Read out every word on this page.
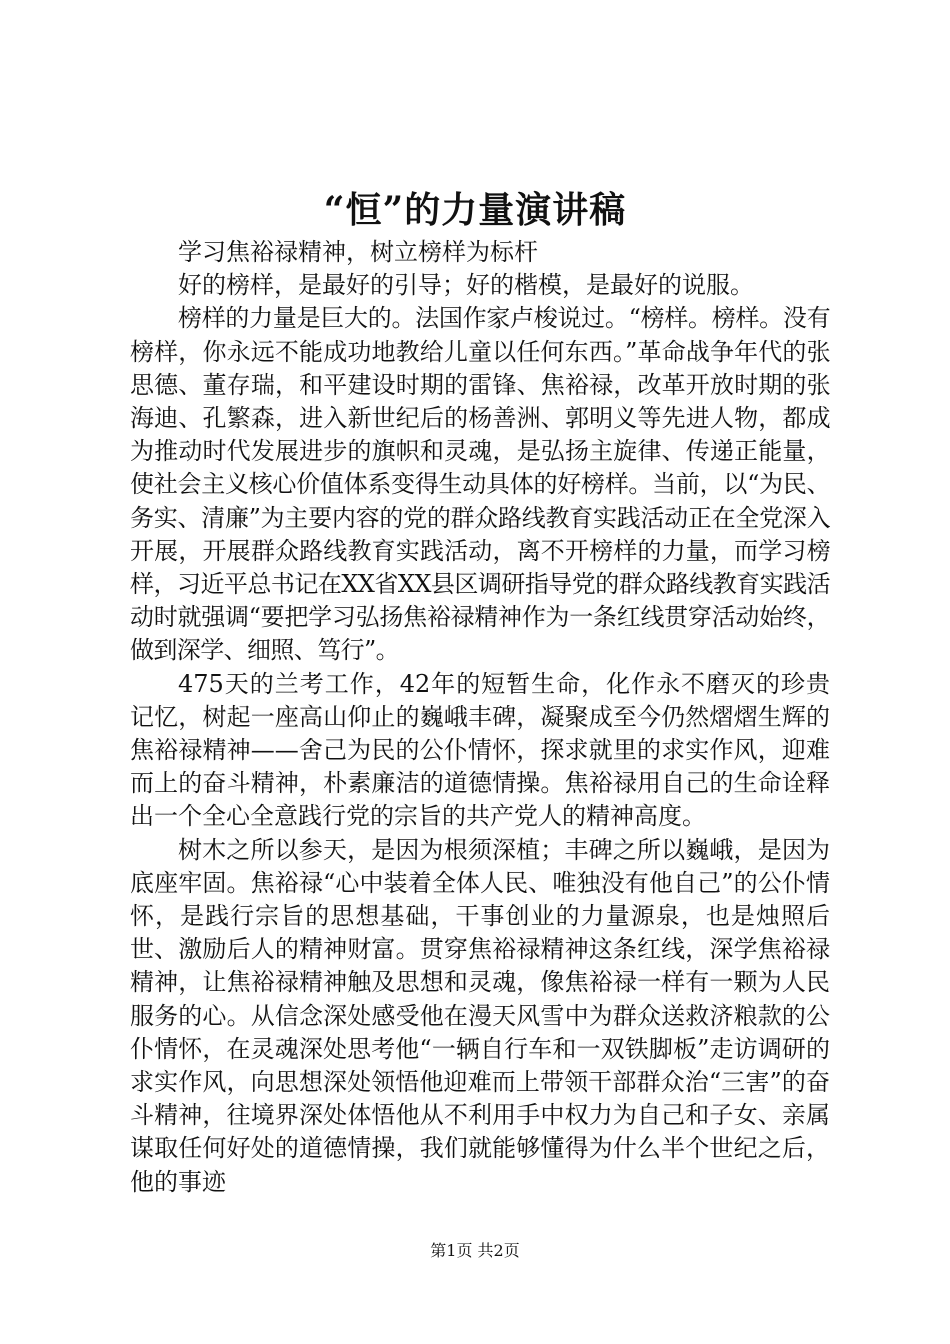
“恒”的力量演讲稿

学习焦裕禄精神，树立榜样为标杆

好的榜样，是最好的引导；好的楷模，是最好的说服。

榜样的力量是巨大的。法国作家卢梭说过。“榜样。榜样。没有榜样，你永远不能成功地教给儿童以任何东西。”革命战争年代的张思德、董存瑞，和平建设时期的雷锋、焦裕禄，改革开放时期的张海迪、孔繁森，进入新世纪后的杨善洲、郭明义等先进人物，都成为推动时代发展进步的旗帜和灵魂，是弘扬主旋律、传递正能量，使社会主义核心价值体系变得生动具体的好榜样。当前，以“为民、务实、清廉”为主要内容的党的群众路线教育实践活动正在全党深入开展，开展群众路线教育实践活动，离不开榜样的力量，而学习榜样，习近平总书记在XX省XX县区调研指导党的群众路线教育实践活动时就强调“要把学习弘扬焦裕禄精神作为一条红线贯穿活动始终，做到深学、细照、笃行”。

475天的兰考工作，42年的短暂生命，化作永不磨灭的珍贵记忆，树起一座高山仰止的巍峨丰碑，凝聚成至今仍然熠熠生辉的焦裕禄精神——舍己为民的公仆情怀，探求就里的求实作风，迎难而上的奋斗精神，朴素廉洁的道德情操。焦裕禄用自己的生命诠释出一个全心全意践行党的宗旨的共产党人的精神高度。

树木之所以参天，是因为根须深植；丰碑之所以巍峨，是因为底座牢固。焦裕禄“心中装着全体人民、唯独没有他自己”的公仆情怀，是践行宗旨的思想基础，干事创业的力量源泉，也是烛照后世、激励后人的精神财富。贯穿焦裕禄精神这条红线，深学焦裕禄精神，让焦裕禄精神触及思想和灵魂，像焦裕禄一样有一颗为人民服务的心。从信念深处感受他在漫天风雪中为群众送救济粮款的公仆情怀，在灵魂深处思考他“一辆自行车和一双铁脚板”走访调研的求实作风，向思想深处领悟他迎难而上带领干部群众治“三害”的奋斗精神，往境界深处体悟他从不利用手中权力为自己和子女、亲属谋取任何好处的道德情操，我们就能够懂得为什么半个世纪之后，他的事迹

第1页 共2页
